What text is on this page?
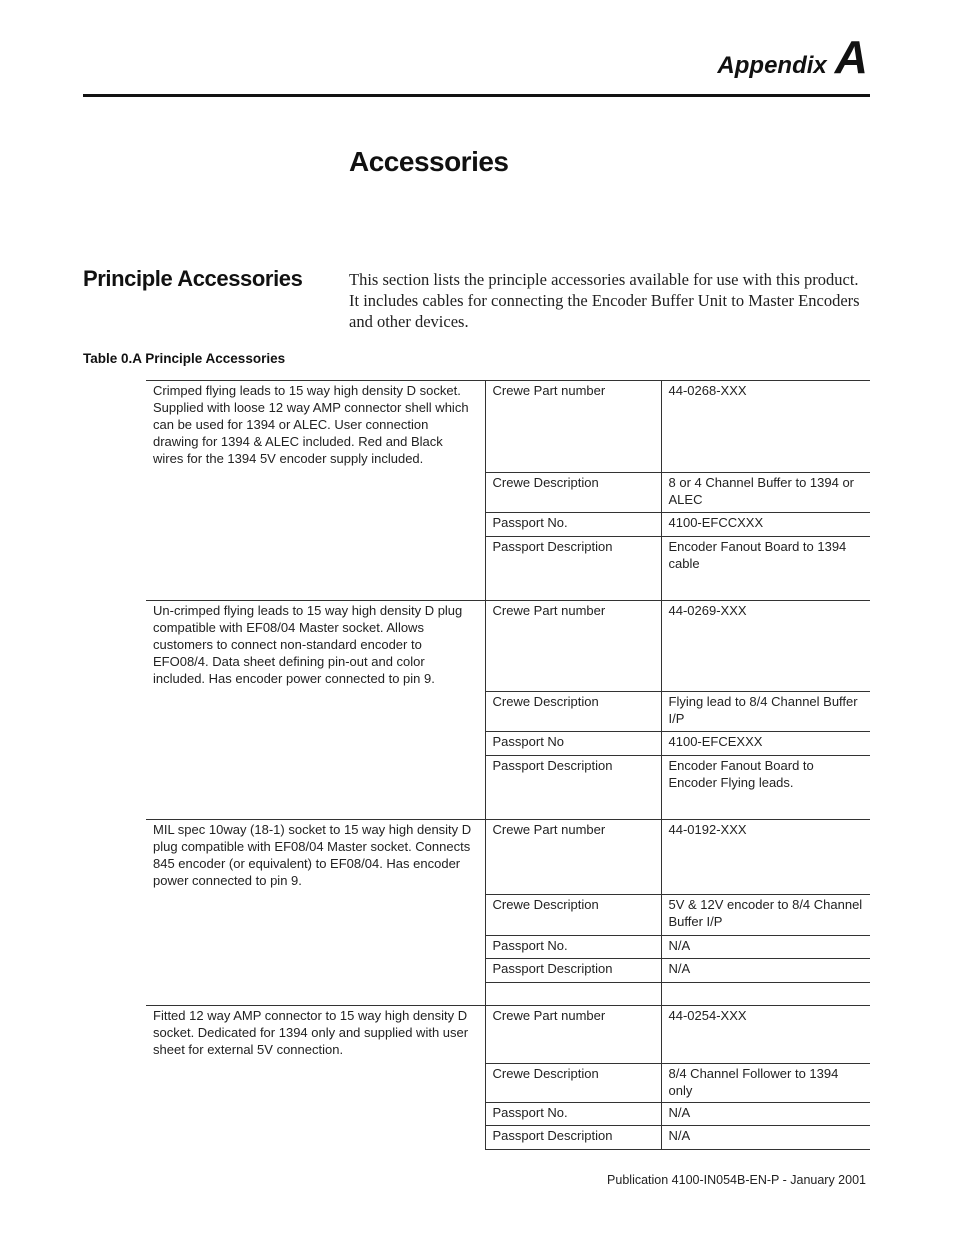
Appendix A
Accessories
Principle Accessories	This section lists the principle accessories available for use with this product. It includes cables for connecting the Encoder Buffer Unit to Master Encoders and other devices.

Table 0.A Principle Accessories

Crimped flying leads to 15 way high density D socket. Supplied with loose 12 way AMP connector shell which can be used for 1394 or ALEC. User connection drawing for 1394 & ALEC included. Red and Black wires for the 1394 5V encoder supply included.	Crewe Part number	44-0268-XXX
	Crewe Description	8 or 4 Channel Buffer to 1394 or ALEC
	Passport No.	4100-EFCCXXX
	Passport Description	Encoder Fanout Board to 1394 cable
Un-crimped flying leads to 15 way high density D plug compatible with EF08/04 Master socket. Allows customers to connect non-standard encoder to EFO08/4. Data sheet defining pin-out and color included. Has encoder power connected to pin 9.	Crewe Part number	44-0269-XXX
	Crewe Description	Flying lead to 8/4 Channel Buffer I/P
	Passport No	4100-EFCEXXX
	Passport Description	Encoder Fanout Board to Encoder Flying leads.
MIL spec 10way (18-1) socket to 15 way high density D plug compatible with EF08/04 Master socket. Connects 845 encoder (or equivalent) to EF08/04. Has encoder power connected to pin 9.	Crewe Part number	44-0192-XXX
	Crewe Description	5V & 12V encoder to 8/4 Channel Buffer I/P
	Passport No.	N/A
	Passport Description	N/A

Fitted 12 way AMP connector to 15 way high density D socket. Dedicated for 1394 only and supplied with user sheet for external 5V connection.	Crewe Part number	44-0254-XXX
	Crewe Description	8/4 Channel Follower to 1394 only
	Passport No.	N/A
	Passport Description	N/A

Publication 4100-IN054B-EN-P - January 2001
